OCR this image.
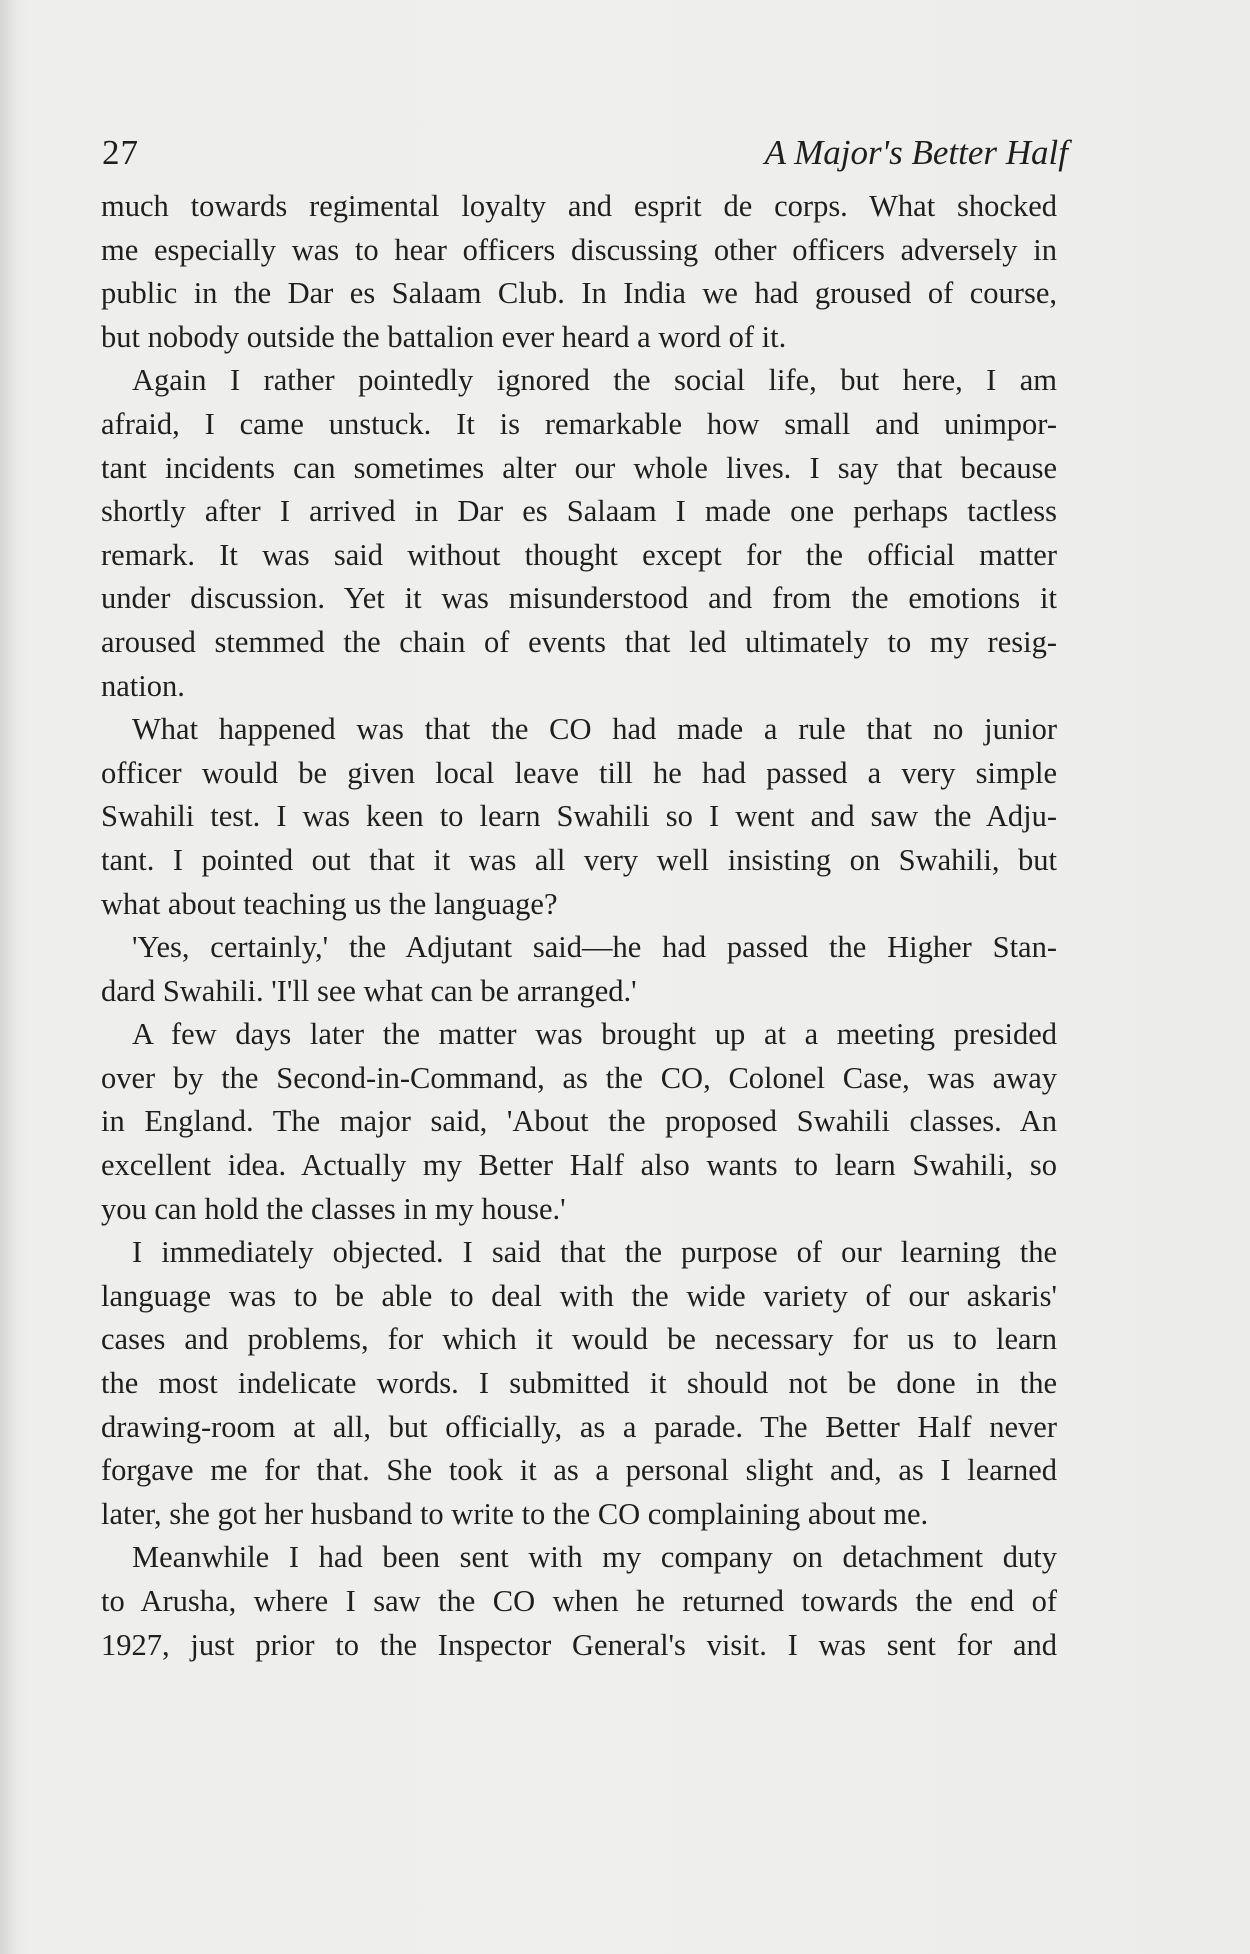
27	A Major's Better Half

much towards regimental loyalty and esprit de corps. What shocked

me especially was to hear officers discussing other officers adversely in

public in the Dar es Salaam Club. In India we had groused of course,

but nobody outside the battalion ever heard a word of it.

Again I rather pointedly ignored the social life, but here, I am

afraid, I came unstuck. It is remarkable how small and unimpor-

tant incidents can sometimes alter our whole lives. I say that because

shortly after I arrived in Dar es Salaam I made one perhaps tactless

remark. It was said without thought except for the official matter

under discussion. Yet it was misunderstood and from the emotions it

aroused stemmed the chain of events that led ultimately to my resig-

nation.

What happened was that the CO had made a rule that no junior

officer would be given local leave till he had passed a very simple

Swahili test. I was keen to learn Swahili so I went and saw the Adju-

tant. I pointed out that it was all very well insisting on Swahili, but

what about teaching us the language?

'Yes, certainly,' the Adjutant said—he had passed the Higher Stan-

dard Swahili. 'I'll see what can be arranged.'

A few days later the matter was brought up at a meeting presided

over by the Second-in-Command, as the CO, Colonel Case, was away

in England. The major said, 'About the proposed Swahili classes. An

excellent idea. Actually my Better Half also wants to learn Swahili, so

you can hold the classes in my house.'

I immediately objected. I said that the purpose of our learning the

language was to be able to deal with the wide variety of our askaris'

cases and problems, for which it would be necessary for us to learn

the most indelicate words. I submitted it should not be done in the

drawing-room at all, but officially, as a parade. The Better Half never

forgave me for that. She took it as a personal slight and, as I learned

later, she got her husband to write to the CO complaining about me.

Meanwhile I had been sent with my company on detachment duty

to Arusha, where I saw the CO when he returned towards the end of

1927, just prior to the Inspector General's visit. I was sent for and
